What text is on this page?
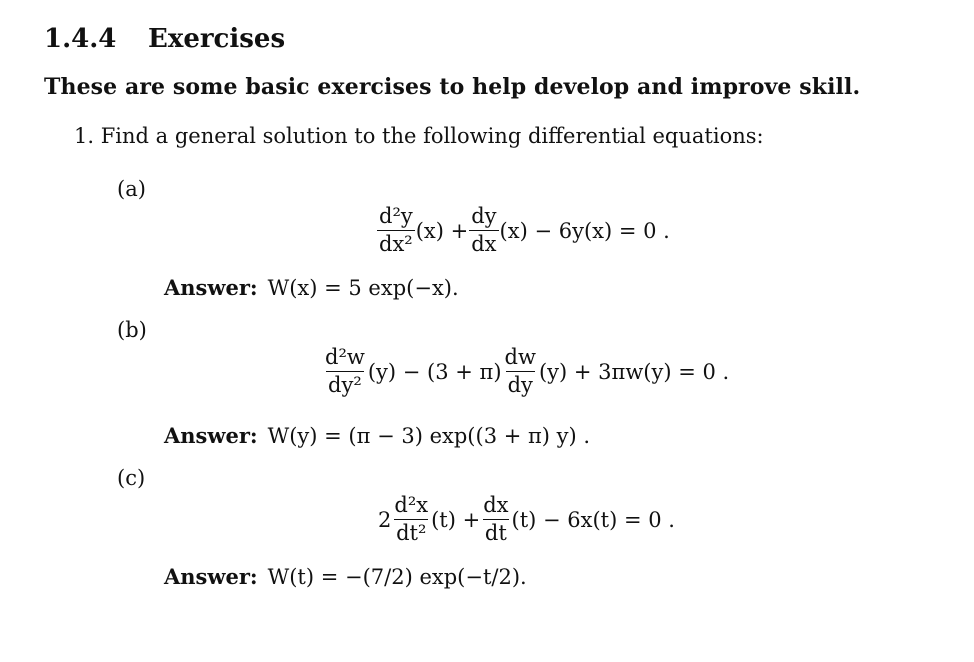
1.4.4 Exercises
These are some basic exercises to help develop and improve skill.
1. Find a general solution to the following differential equations:
(a)
$\frac{\text{d²y}}{\text{dx²}} (x) + \frac{dy}{dx} (x) - 6y(x) = 0$ .
Answer: W(x) = 5 exp(−x).
(b)
$\frac{\text{d²w}}{\text{dy²}} (y) - (3 + \pi) \frac{dw}{dy} (y) + 3\pi w(y) = 0$ .
Answer: W(y) = (π − 3) exp((3 + π) y) .
(c)
$2 \frac{\text{d²x}}{\text{dt²}} (t) + \frac{dx}{dt} (t) - 6x(t) = 0$ .
Answer: W(t) = −(7/2) exp(−t/2).
